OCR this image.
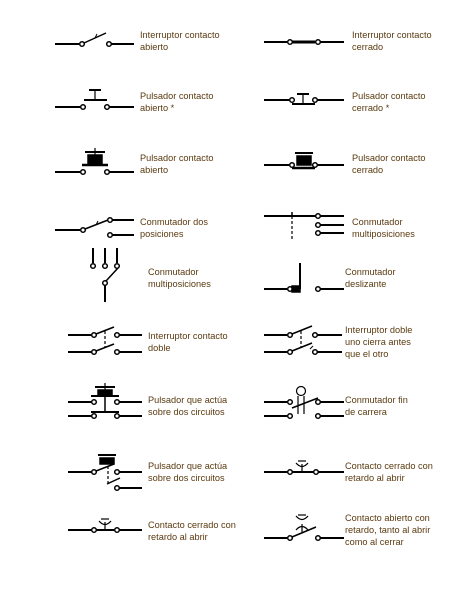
Interruptor contacto
abierto
Interruptor contacto
cerrado
Pulsador contacto
abierto *
Pulsador contacto
cerrado *
Pulsador contacto
abierto
Pulsador contacto
cerrado
Conmutador dos
posiciones
Conmutador
multiposiciones
Conmutador
multiposiciones
Conmutador
deslizante
Interruptor contacto
doble
Interruptor doble
uno cierra antes
que el otro
Pulsador que actúa
sobre dos circuitos
Conmutador fin
de carrera
Pulsador que actúa
sobre dos circuitos
Contacto cerrado con
retardo al abrir
Contacto cerrado con
retardo al abrir
Contacto abierto con
retardo, tanto al abrir
como al cerrar
